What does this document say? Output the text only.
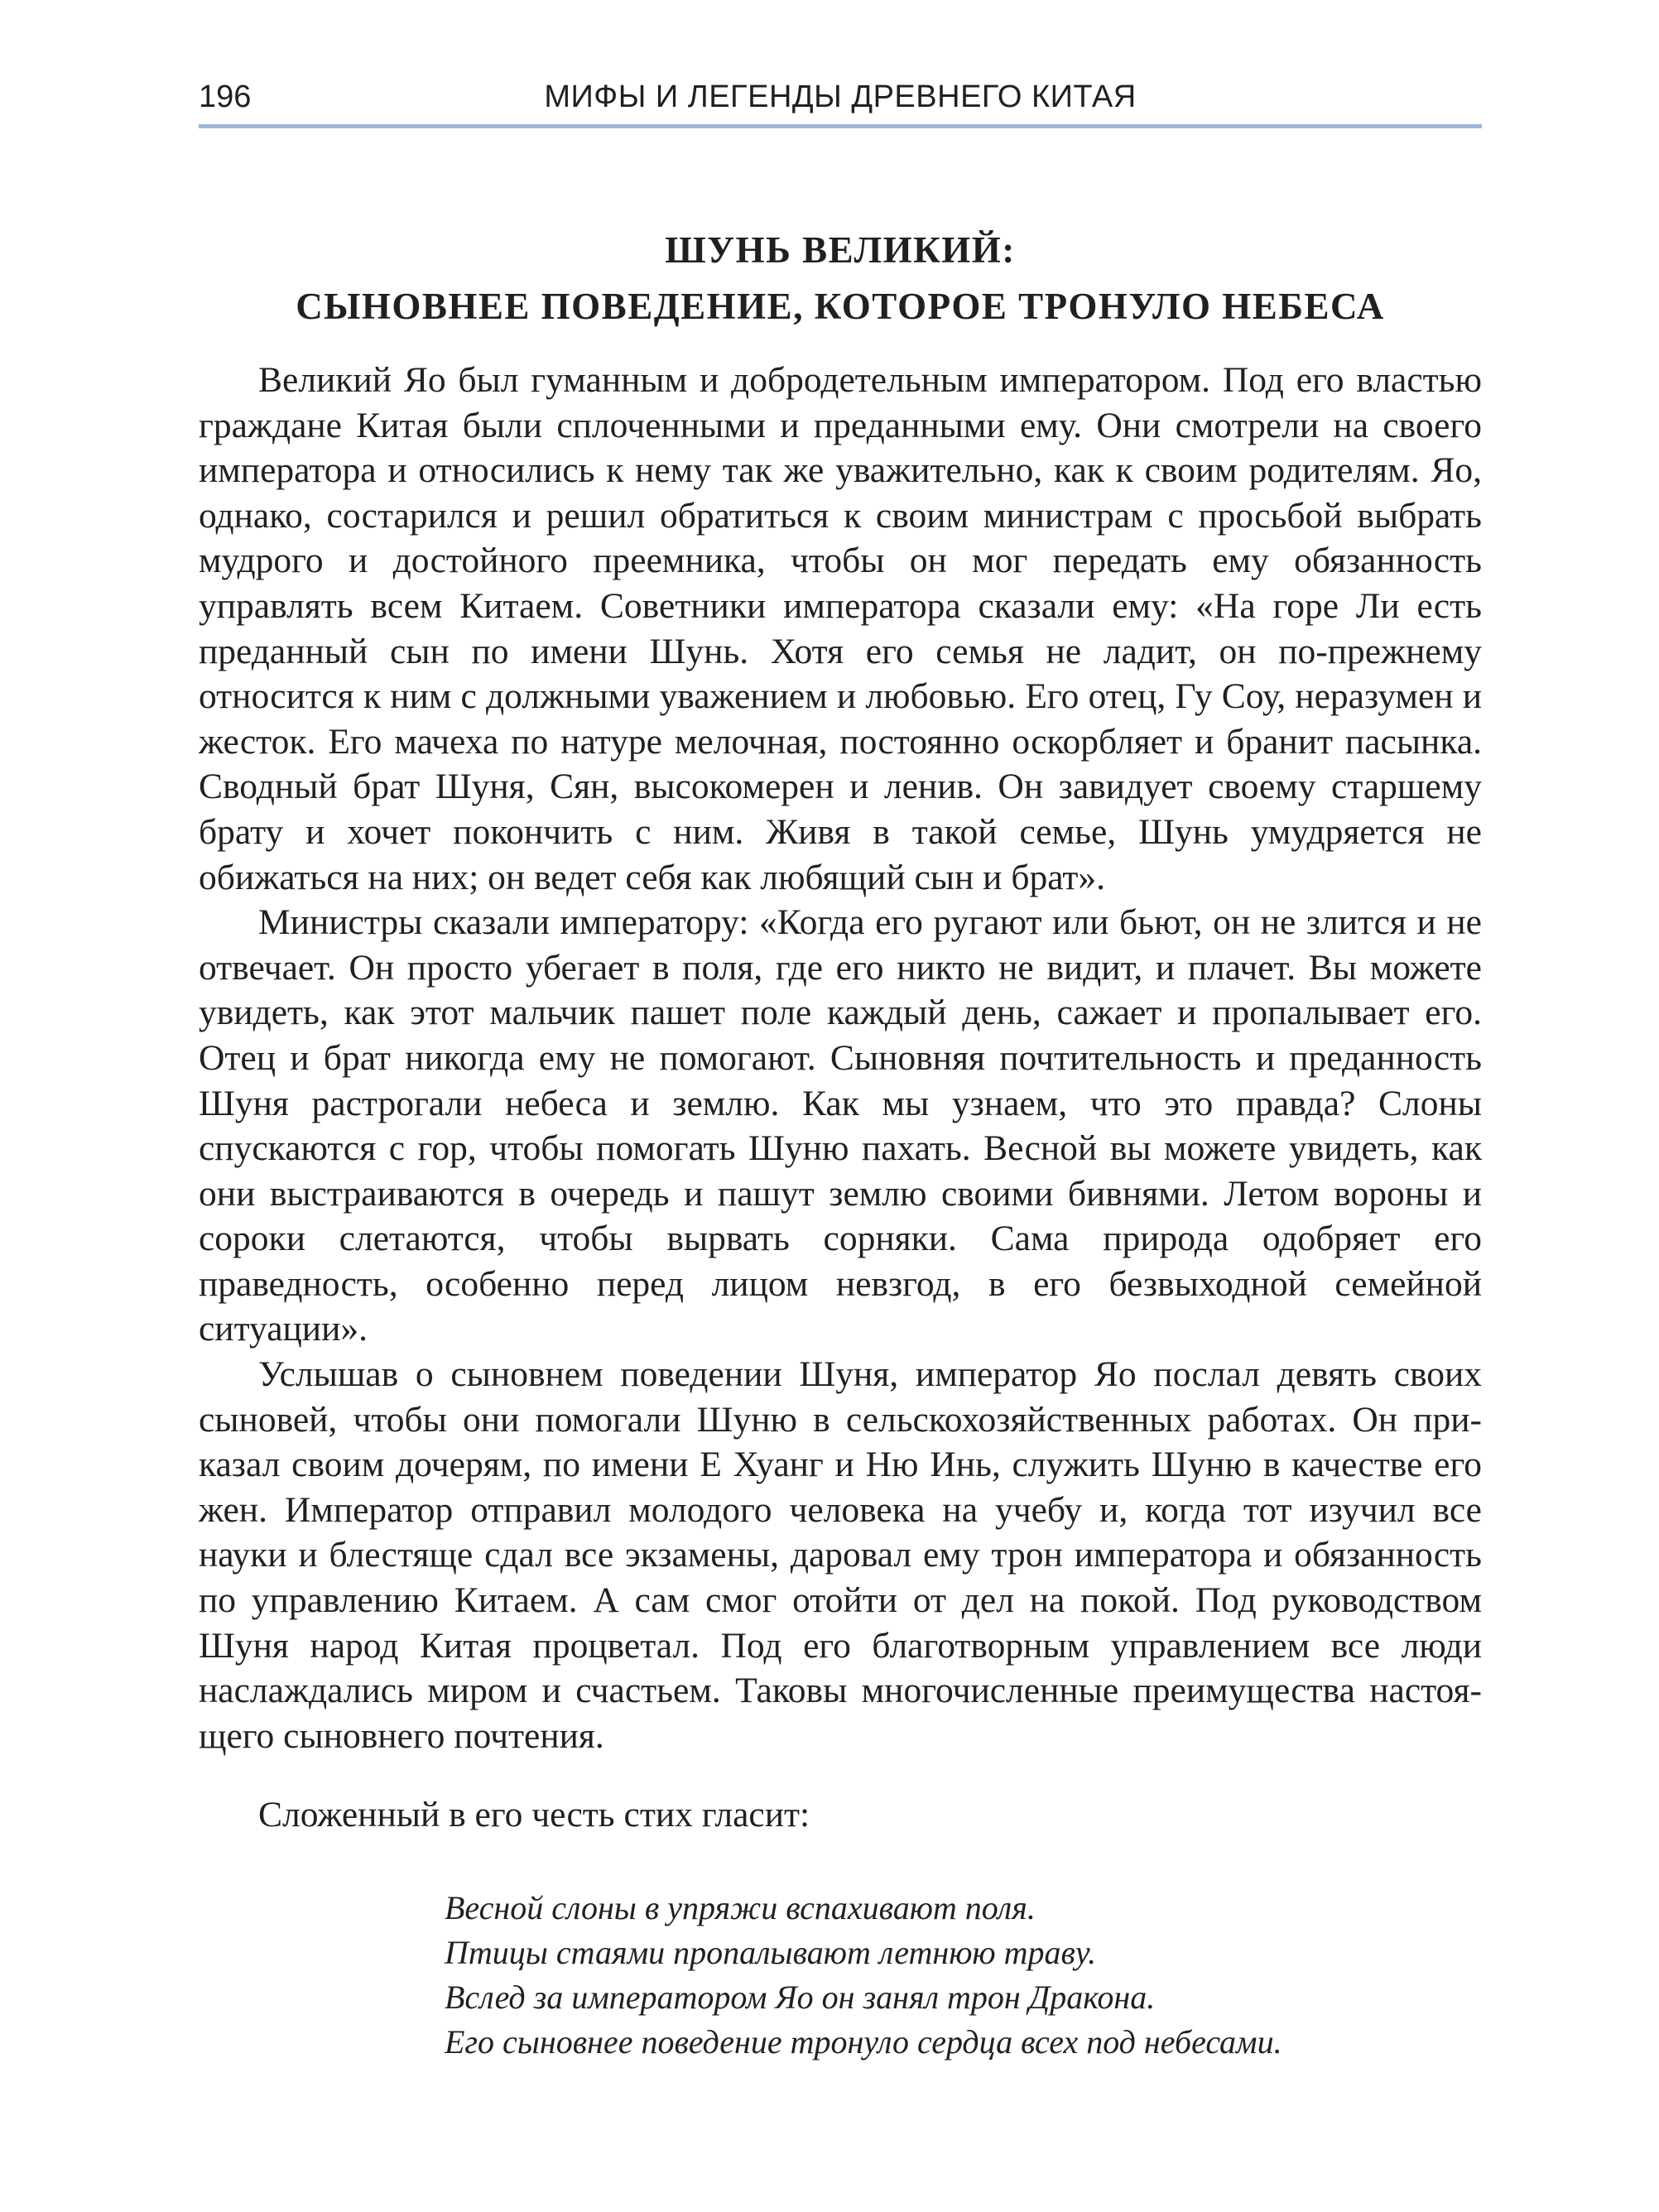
196	МИФЫ И ЛЕГЕНДЫ ДРЕВНЕГО КИТАЯ
ШУНЬ ВЕЛИКИЙ:
СЫНОВНЕЕ ПОВЕДЕНИЕ, КОТОРОЕ ТРОНУЛО НЕБЕСА

Великий Яо был гуманным и добродетельным императором. Под его властью граждане Китая были сплоченными и преданными ему. Они смотрели на своего императора и относились к нему так же уважительно, как к своим родителям. Яо, однако, состарился и решил обратиться к своим министрам с просьбой выбрать мудрого и достойного преемника, чтобы он мог передать ему обязанность управлять всем Китаем. Советники императора сказали ему: «На горе Ли есть преданный сын по имени Шунь. Хотя его семья не ладит, он по-прежнему относится к ним с должными уважением и любовью. Его отец, Гу Соу, неразумен и жесток. Его мачеха по натуре мелочная, постоянно оскорбляет и бранит пасынка. Сводный брат Шуня, Сян, высокомерен и ленив. Он завидует своему старшему брату и хочет покончить с ним. Живя в такой семье, Шунь умудряется не обижаться на них; он ведет себя как любящий сын и брат».

Министры сказали императору: «Когда его ругают или бьют, он не злится и не отвечает. Он просто убегает в поля, где его никто не видит, и плачет. Вы можете увидеть, как этот мальчик пашет поле каждый день, сажает и пропалывает его. Отец и брат никогда ему не помогают. Сыновняя почтительность и преданность Шуня растрогали небеса и землю. Как мы узнаем, что это правда? Слоны спускаются с гор, чтобы помогать Шуню пахать. Весной вы можете увидеть, как они выстраиваются в очередь и пашут землю своими бивнями. Летом вороны и сороки слетаются, чтобы вырвать сорняки. Сама природа одобряет его праведность, особенно перед лицом невзгод, в его безвыходной семейной ситуации».

Услышав о сыновнем поведении Шуня, император Яо послал девять своих сыновей, чтобы они помогали Шуню в сельскохозяйственных работах. Он приказал своим дочерям, по имени Е Хуанг и Ню Инь, служить Шуню в качестве его жен. Император отправил молодого человека на учебу и, когда тот изучил все науки и блестяще сдал все экзамены, даровал ему трон императора и обязанность по управлению Китаем. А сам смог отойти от дел на покой. Под руководством Шуня народ Китая процветал. Под его благотворным управлением все люди наслаждались миром и счастьем. Таковы многочисленные преимущества настоящего сыновнего почтения.

Сложенный в его честь стих гласит:

Весной слоны в упряжи вспахивают поля.
Птицы стаями пропалывают летнюю траву.
Вслед за императором Яо он занял трон Дракона.
Его сыновнее поведение тронуло сердца всех под небесами.
